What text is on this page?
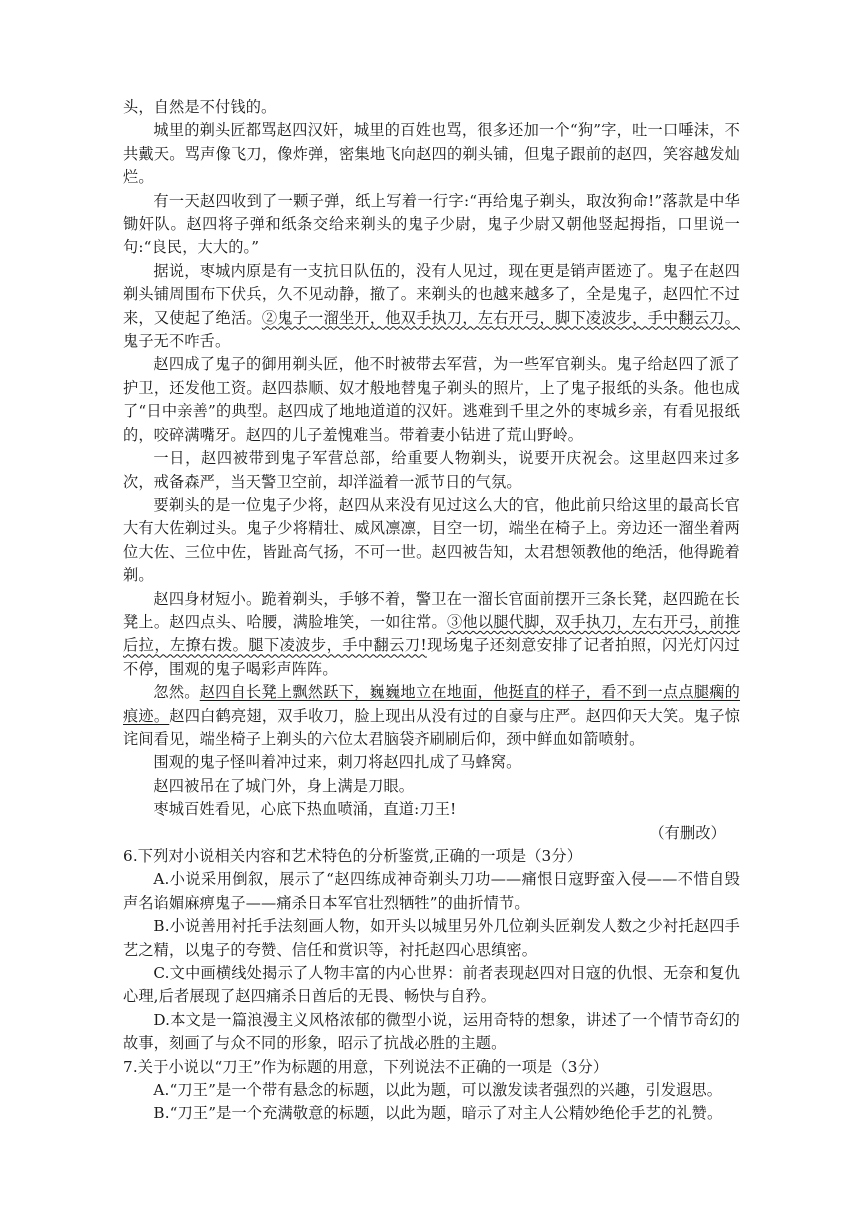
头，自然是不付钱的。

城里的剃头匠都骂赵四汉奸，城里的百姓也骂，很多还加一个“狗”字，吐一口唾沫，不共戴天。骂声像飞刀，像炸弹，密集地飞向赵四的剃头铺，但鬼子跟前的赵四，笑容越发灿烂。

有一天赵四收到了一颗子弹，纸上写着一行字:“再给鬼子剃头，取汝狗命!”落款是中华锄奸队。赵四将子弹和纸条交给来剃头的鬼子少尉，鬼子少尉又朝他竖起拇指，口里说一句:“良民，大大的。”

据说，枣城内原是有一支抗日队伍的，没有人见过，现在更是销声匿迹了。鬼子在赵四剃头铺周围布下伏兵，久不见动静，撤了。来剃头的也越来越多了，全是鬼子，赵四忙不过来，又使起了绝活。②鬼子一溜坐开，他双手执刀，左右开弓，脚下凌波步，手中翻云刀。鬼子无不咋舌。

赵四成了鬼子的御用剃头匠，他不时被带去军营，为一些军官剃头。鬼子给赵四了派了护卫，还发他工资。赵四恭顺、奴才般地替鬼子剃头的照片，上了鬼子报纸的头条。他也成了“日中亲善”的典型。赵四成了地地道道的汉奸。逃难到千里之外的枣城乡亲，有看见报纸的，咬碎满嘴牙。赵四的儿子羞愧难当。带着妻小钻进了荒山野岭。

一日，赵四被带到鬼子军营总部，给重要人物剃头，说要开庆祝会。这里赵四来过多次，戒备森严，当天警卫空前，却洋溢着一派节日的气氛。

要剃头的是一位鬼子少将，赵四从来没有见过这么大的官，他此前只给这里的最高长官大有大佐剃过头。鬼子少将精壮、威风凛凛，目空一切，端坐在椅子上。旁边还一溜坐着两位大佐、三位中佐，皆趾高气扬，不可一世。赵四被告知，太君想领教他的绝活，他得跪着剃。

赵四身材短小。跪着剃头，手够不着，警卫在一溜长官面前摆开三条长凳，赵四跪在长凳上。赵四点头、哈腰，满脸堆笑，一如往常。③他以腿代脚，双手执刀，左右开弓，前推后拉，左撩右拨。腿下凌波步，手中翻云刀!现场鬼子还刻意安排了记者拍照，闪光灯闪过不停，围观的鬼子喝彩声阵阵。

忽然。赵四自长凳上飘然跃下，巍巍地立在地面，他挺直的样子，看不到一点点腿瘸的痕迹。赵四白鹤亮翅，双手收刀，脸上现出从没有过的自豪与庄严。赵四仰天大笑。鬼子惊诧间看见，端坐椅子上剃头的六位太君脑袋齐刷刷后仰，颈中鲜血如箭喷射。

围观的鬼子怪叫着冲过来，刺刀将赵四扎成了马蜂窝。

赵四被吊在了城门外，身上满是刀眼。

枣城百姓看见，心底下热血喷涌，直道:刀王!

（有删改）

6.下列对小说相关内容和艺术特色的分析鉴赏,正确的一项是（3分）

A.小说采用倒叙，展示了“赵四练成神奇剃头刀功——痛恨日寇野蛮入侵——不惜自毁声名谄媚麻痹鬼子——痛杀日本军官壮烈牺牲”的曲折情节。

B.小说善用衬托手法刻画人物，如开头以城里另外几位剃头匠剃发人数之少衬托赵四手艺之精，以鬼子的夸赞、信任和赏识等，衬托赵四心思缜密。

C.文中画横线处揭示了人物丰富的内心世界：前者表现赵四对日寇的仇恨、无奈和复仇心理,后者展现了赵四痛杀日酋后的无畏、畅快与自矜。

D.本文是一篇浪漫主义风格浓郁的微型小说，运用奇特的想象，讲述了一个情节奇幻的故事，刻画了与众不同的形象，昭示了抗战必胜的主题。

7.关于小说以“刀王”作为标题的用意，下列说法不正确的一项是（3分）

A.“刀王”是一个带有悬念的标题，以此为题，可以激发读者强烈的兴趣，引发遐思。

B.“刀王”是一个充满敬意的标题，以此为题，暗示了对主人公精妙绝伦手艺的礼赞。
